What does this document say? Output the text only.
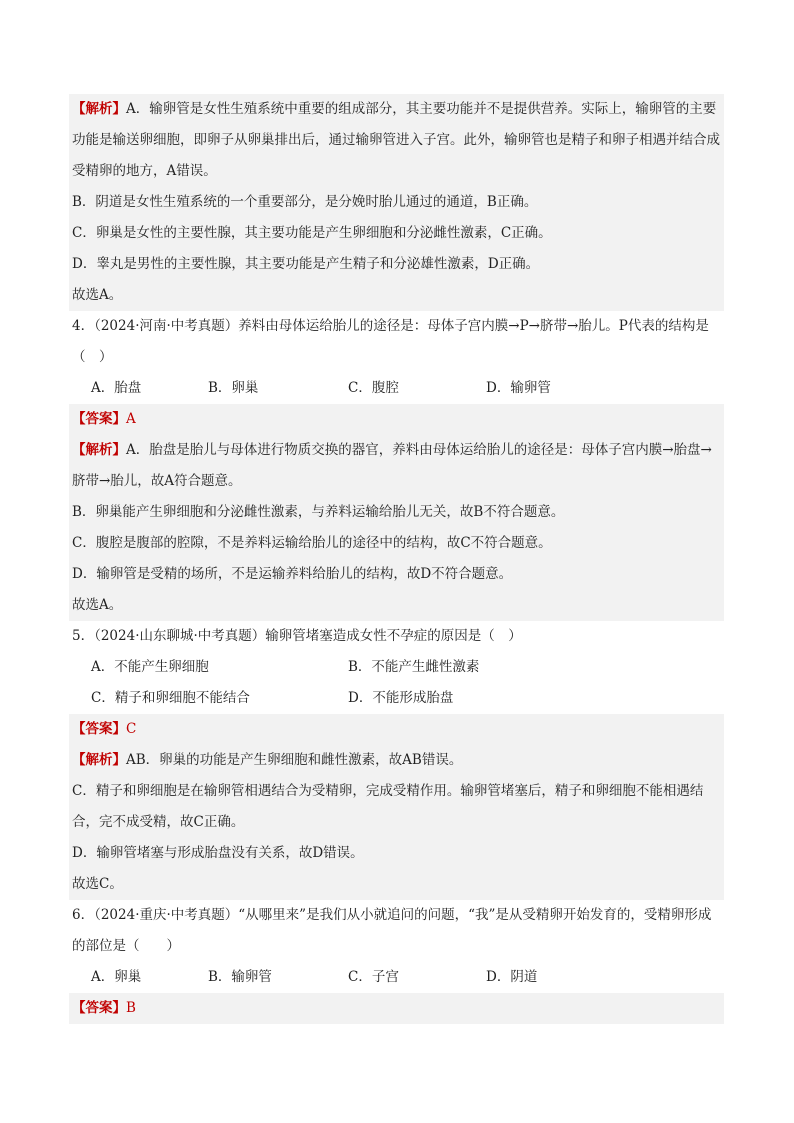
【解析】A．输卵管是女性生殖系统中重要的组成部分，其主要功能并不是提供营养。实际上，输卵管的主要功能是输送卵细胞，即卵子从卵巢排出后，通过输卵管进入子宫。此外，输卵管也是精子和卵子相遇并结合成受精卵的地方，A错误。
B．阴道是女性生殖系统的一个重要部分，是分娩时胎儿通过的通道，B正确。
C．卵巢是女性的主要性腺，其主要功能是产生卵细胞和分泌雌性激素，C正确。
D．睾丸是男性的主要性腺，其主要功能是产生精子和分泌雄性激素，D正确。
故选A。
4．（2024·河南·中考真题）养料由母体运给胎儿的途径是：母体子宫内膜→P→脐带→胎儿。P代表的结构是（　）
A．胎盘	B．卵巢	C．腹腔	D．输卵管
【答案】A
【解析】A．胎盘是胎儿与母体进行物质交换的器官，养料由母体运给胎儿的途径是：母体子宫内膜→胎盘→脐带→胎儿，故A符合题意。
B．卵巢能产生卵细胞和分泌雌性激素，与养料运输给胎儿无关，故B不符合题意。
C．腹腔是腹部的腔隙，不是养料运输给胎儿的途径中的结构，故C不符合题意。
D．输卵管是受精的场所，不是运输养料给胎儿的结构，故D不符合题意。
故选A。
5．（2024·山东聊城·中考真题）输卵管堵塞造成女性不孕症的原因是（　）
A．不能产生卵细胞	B．不能产生雌性激素
C．精子和卵细胞不能结合	D．不能形成胎盘
【答案】C
【解析】AB．卵巢的功能是产生卵细胞和雌性激素，故AB错误。
C．精子和卵细胞是在输卵管相遇结合为受精卵，完成受精作用。输卵管堵塞后，精子和卵细胞不能相遇结合，完不成受精，故C正确。
D．输卵管堵塞与形成胎盘没有关系，故D错误。
故选C。
6．（2024·重庆·中考真题）“从哪里来”是我们从小就追问的问题，“我”是从受精卵开始发育的，受精卵形成的部位是（　　）
A．卵巢	B．输卵管	C．子宫	D．阴道
【答案】B
